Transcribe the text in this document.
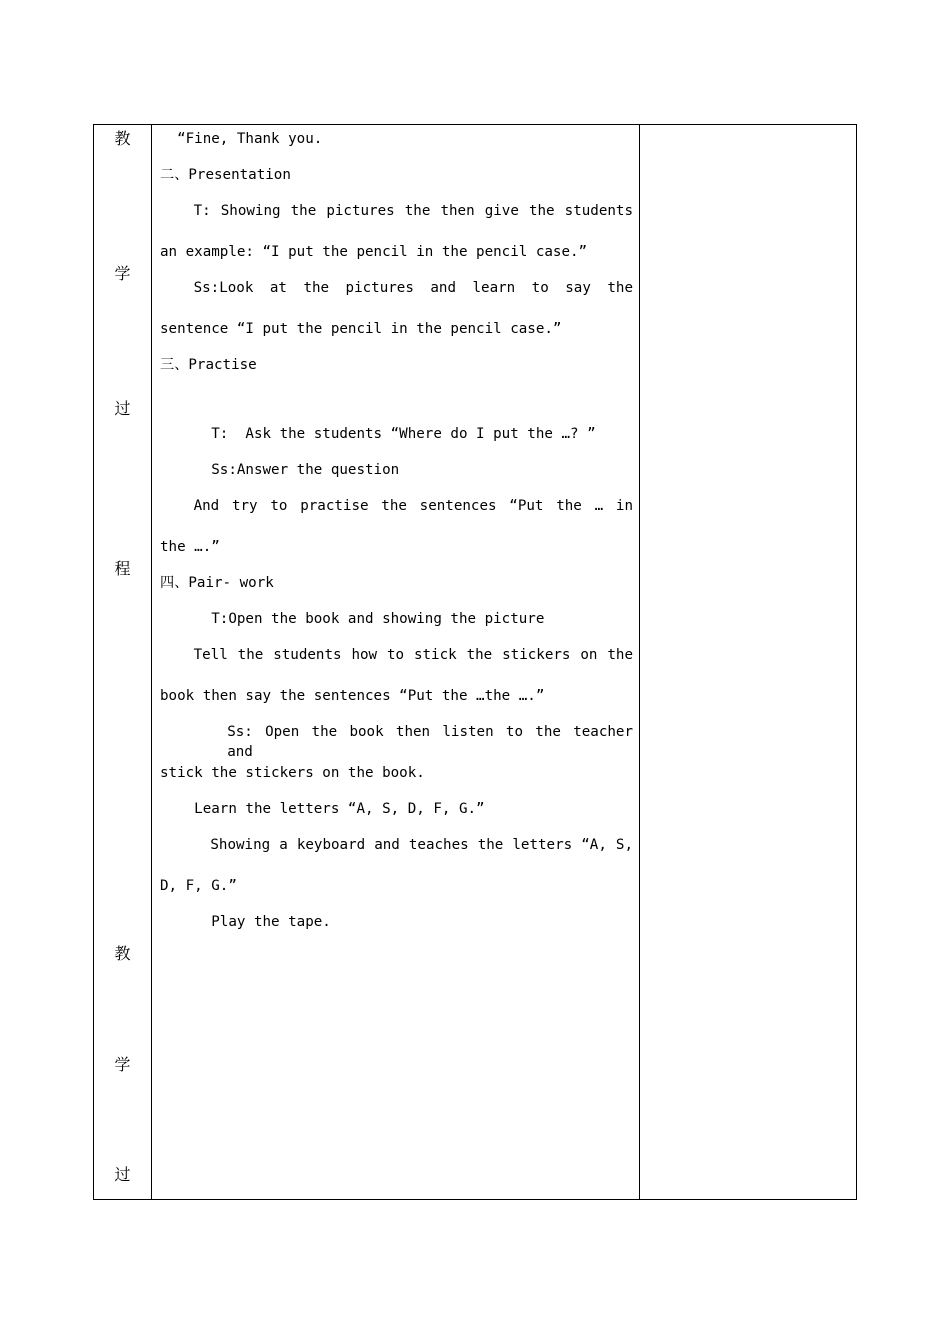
教
学
过
程
教
学
过
“Fine, Thank you.
二、Presentation
T: Showing the pictures the then give the students
an example: “I put the pencil in the pencil case.”
Ss:Look at the pictures and learn to say the
sentence “I put the pencil in the pencil case.”
三、Practise
T:  Ask the students “Where do I put the …? ”
Ss:Answer the question
And try to practise the sentences “Put the … in
the ….”
四、Pair- work
T:Open the book and showing the picture
Tell the students how to stick the stickers on the
book then say the sentences “Put the …the ….”
Ss: Open the book then listen to the teacher and
stick the stickers on the book.
Learn the letters “A, S, D, F, G.”
Showing a keyboard and teaches the letters “A, S,
D, F, G.”
Play the tape.
